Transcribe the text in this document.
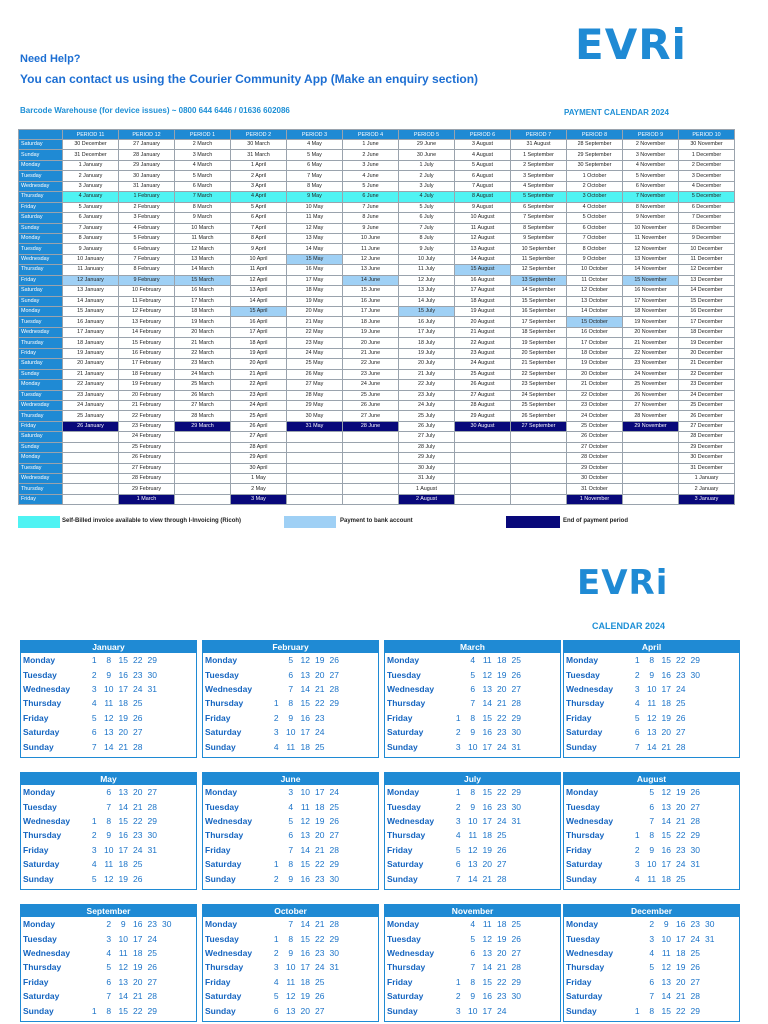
EVRi
Need Help?
You can contact us using the Courier Community App (Make an enquiry section)
Barcode Warehouse (for device issues) ~ 0800 644 6446 / 01636 602086	PAYMENT CALENDAR 2024
	PERIOD 11	PERIOD 12	PERIOD 1	PERIOD 2	PERIOD 3	PERIOD 4	PERIOD 5	PERIOD 6	PERIOD 7	PERIOD 8	PERIOD 9	PERIOD 10
Saturday	30 December	27 January	2 March	30 March	4 May	1 June	29 June	3 August	31 August	28 September	2 November	30 November
Sunday	31 December	28 January	3 March	31 March	5 May	2 June	30 June	4 August	1 September	29 September	3 November	1 December
Monday	1 January	29 January	4 March	1 April	6 May	3 June	1 July	5 August	2 September	30 September	4 November	2 December
Tuesday	2 January	30 January	5 March	2 April	7 May	4 June	2 July	6 August	3 September	1 October	5 November	3 December
Wednesday	3 January	31 January	6 March	3 April	8 May	5 June	3 July	7 August	4 September	2 October	6 November	4 December
Thursday	4 January	1 February	7 March	4 April	9 May	6 June	4 July	8 August	5 September	3 October	7 November	5 December
Friday	5 January	2 February	8 March	5 April	10 May	7 June	5 July	9 August	6 September	4 October	8 November	6 December
Saturday	6 January	3 February	9 March	6 April	11 May	8 June	6 July	10 August	7 September	5 October	9 November	7 December
Sunday	7 January	4 February	10 March	7 April	12 May	9 June	7 July	11 August	8 September	6 October	10 November	8 December
Monday	8 January	5 February	11 March	8 April	13 May	10 June	8 July	12 August	9 September	7 October	11 November	9 December
Tuesday	9 January	6 February	12 March	9 April	14 May	11 June	9 July	13 August	10 September	8 October	12 November	10 December
Wednesday	10 January	7 February	13 March	10 April	15 May	12 June	10 July	14 August	11 September	9 October	13 November	11 December
Thursday	11 January	8 February	14 March	11 April	16 May	13 June	11 July	15 August	12 September	10 October	14 November	12 December
Friday	12 January	9 February	15 March	12 April	17 May	14 June	12 July	16 August	13 September	11 October	15 November	13 December
Saturday	13 January	10 February	16 March	13 April	18 May	15 June	13 July	17 August	14 September	12 October	16 November	14 December
Sunday	14 January	11 February	17 March	14 April	19 May	16 June	14 July	18 August	15 September	13 October	17 November	15 December
Monday	15 January	12 February	18 March	15 April	20 May	17 June	15 July	19 August	16 September	14 October	18 November	16 December
Tuesday	16 January	13 February	19 March	16 April	21 May	18 June	16 July	20 August	17 September	15 October	19 November	17 December
Wednesday	17 January	14 February	20 March	17 April	22 May	19 June	17 July	21 August	18 September	16 October	20 November	18 December
Thursday	18 January	15 February	21 March	18 April	23 May	20 June	18 July	22 August	19 September	17 October	21 November	19 December
Friday	19 January	16 February	22 March	19 April	24 May	21 June	19 July	23 August	20 September	18 October	22 November	20 December
Saturday	20 January	17 February	23 March	20 April	25 May	22 June	20 July	24 August	21 September	19 October	23 November	21 December
Sunday	21 January	18 February	24 March	21 April	26 May	23 June	21 July	25 August	22 September	20 October	24 November	22 December
Monday	22 January	19 February	25 March	22 April	27 May	24 June	22 July	26 August	23 September	21 October	25 November	23 December
Tuesday	23 January	20 February	26 March	23 April	28 May	25 June	23 July	27 August	24 September	22 October	26 November	24 December
Wednesday	24 January	21 February	27 March	24 April	29 May	26 June	24 July	28 August	25 September	23 October	27 November	25 December
Thursday	25 January	22 February	28 March	25 April	30 May	27 June	25 July	29 August	26 September	24 October	28 November	26 December
Friday	26 January	23 February	29 March	26 April	31 May	28 June	26 July	30 August	27 September	25 October	29 November	27 December
Saturday		24 February		27 April			27 July			26 October		28 December
Sunday		25 February		28 April			28 July			27 October		29 December
Monday		26 February		29 April			29 July			28 October		30 December
Tuesday		27 February		30 April			30 July			29 October		31 December
Wednesday		28 February		1 May			31 July			30 October		1 January
Thursday		29 February		2 May			1 August			31 October		2 January
Friday		1 March		3 May			2 August			1 November		3 January
Self-Billed invoice available to view through I-Invoicing (Ricoh)	Payment to bank account	End of payment period
EVRi
CALENDAR 2024
January
Monday	1	8 15 22 29
Tuesday	2	9 16 23 30
Wednesday	3 10 17 24 31
Thursday	4 11 18 25
Friday	5 12 19 26
Saturday	6 13 20 27
Sunday	7 14 21 28
February
Monday	5 12 19 26
Tuesday	6 13 20 27
Wednesday	7 14 21 28
Thursday	1	8 15 22 29
Friday	2	9 16 23
Saturday	3 10 17 24
Sunday	4 11 18 25
March
Monday	4 11 18 25
Tuesday	5 12 19 26
Wednesday	6 13 20 27
Thursday	7 14 21 28
Friday	1	8 15 22 29
Saturday	2	9 16 23 30
Sunday	3 10 17 24 31
April
Monday	1	8 15 22 29
Tuesday	2	9 16 23 30
Wednesday	3 10 17 24
Thursday	4 11 18 25
Friday	5 12 19 26
Saturday	6 13 20 27
Sunday	7 14 21 28
May
Monday	6 13 20 27
Tuesday	7 14 21 28
Wednesday	1	8 15 22 29
Thursday	2	9 16 23 30
Friday	3 10 17 24 31
Saturday	4 11 18 25
Sunday	5 12 19 26
June
Monday	3 10 17 24
Tuesday	4 11 18 25
Wednesday	5 12 19 26
Thursday	6 13 20 27
Friday	7 14 21 28
Saturday	1	8 15 22 29
Sunday	2	9 16 23 30
July
Monday	1	8 15 22 29
Tuesday	2	9 16 23 30
Wednesday	3 10 17 24 31
Thursday	4 11 18 25
Friday	5 12 19 26
Saturday	6 13 20 27
Sunday	7 14 21 28
August
Monday	5 12 19 26
Tuesday	6 13 20 27
Wednesday	7 14 21 28
Thursday	1	8 15 22 29
Friday	2	9 16 23 30
Saturday	3 10 17 24 31
Sunday	4 11 18 25
September
Monday	2	9 16 23 30
Tuesday	3 10 17 24
Wednesday	4 11 18 25
Thursday	5 12 19 26
Friday	6 13 20 27
Saturday	7 14 21 28
Sunday	1	8 15 22 29
October
Monday	7 14 21 28
Tuesday	1	8 15 22 29
Wednesday	2	9 16 23 30
Thursday	3 10 17 24 31
Friday	4 11 18 25
Saturday	5 12 19 26
Sunday	6 13 20 27
November
Monday	4 11 18 25
Tuesday	5 12 19 26
Wednesday	6 13 20 27
Thursday	7 14 21 28
Friday	1	8 15 22 29
Saturday	2	9 16 23 30
Sunday	3 10 17 24
December
Monday	2	9 16 23 30
Tuesday	3 10 17 24 31
Wednesday	4 11 18 25
Thursday	5 12 19 26
Friday	6 13 20 27
Saturday	7 14 21 28
Sunday	1	8 15 22 29
